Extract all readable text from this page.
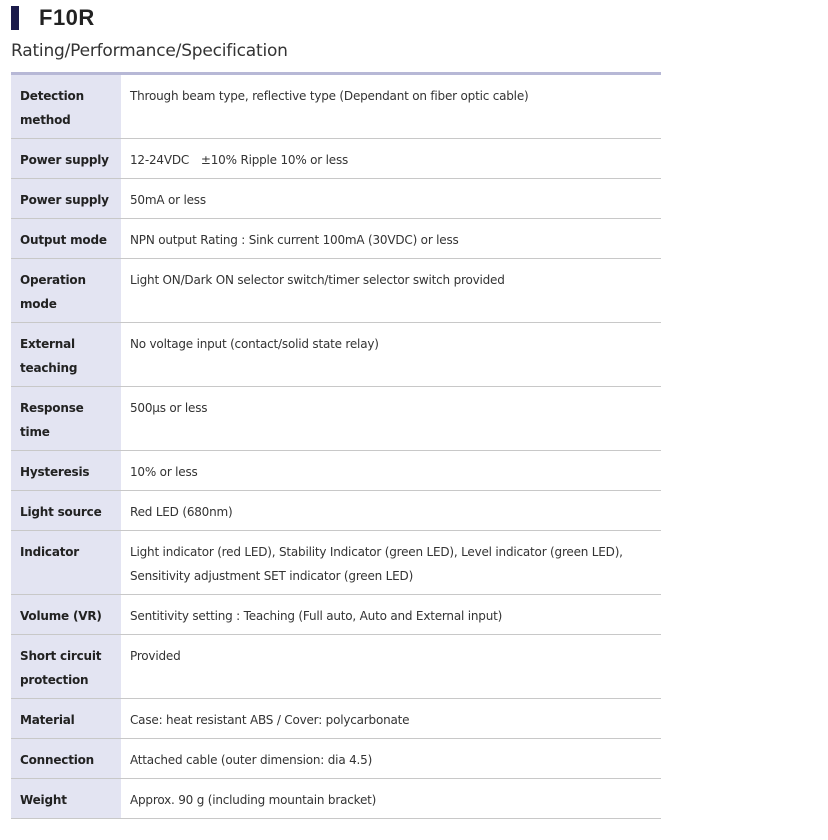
F10R
Rating/Performance/Specification
Detection method	Through beam type, reflective type (Dependant on fiber optic cable)
Power supply	12-24VDC　±10% Ripple 10% or less
Power supply	50mA or less
Output mode	NPN output Rating : Sink current 100mA (30VDC) or less
Operation mode	Light ON/Dark ON selector switch/timer selector switch provided
External teaching	No voltage input (contact/solid state relay)
Response time	500μs or less
Hysteresis	10% or less
Light source	Red LED (680nm)
Indicator	Light indicator (red LED), Stability Indicator (green LED), Level indicator (green LED), Sensitivity adjustment SET indicator (green LED)
Volume (VR)	Sentitivity setting : Teaching (Full auto, Auto and External input)
Short circuit protection	Provided
Material	Case: heat resistant ABS / Cover: polycarbonate
Connection	Attached cable (outer dimension: dia 4.5)
Weight	Approx. 90 g (including mountain bracket)
